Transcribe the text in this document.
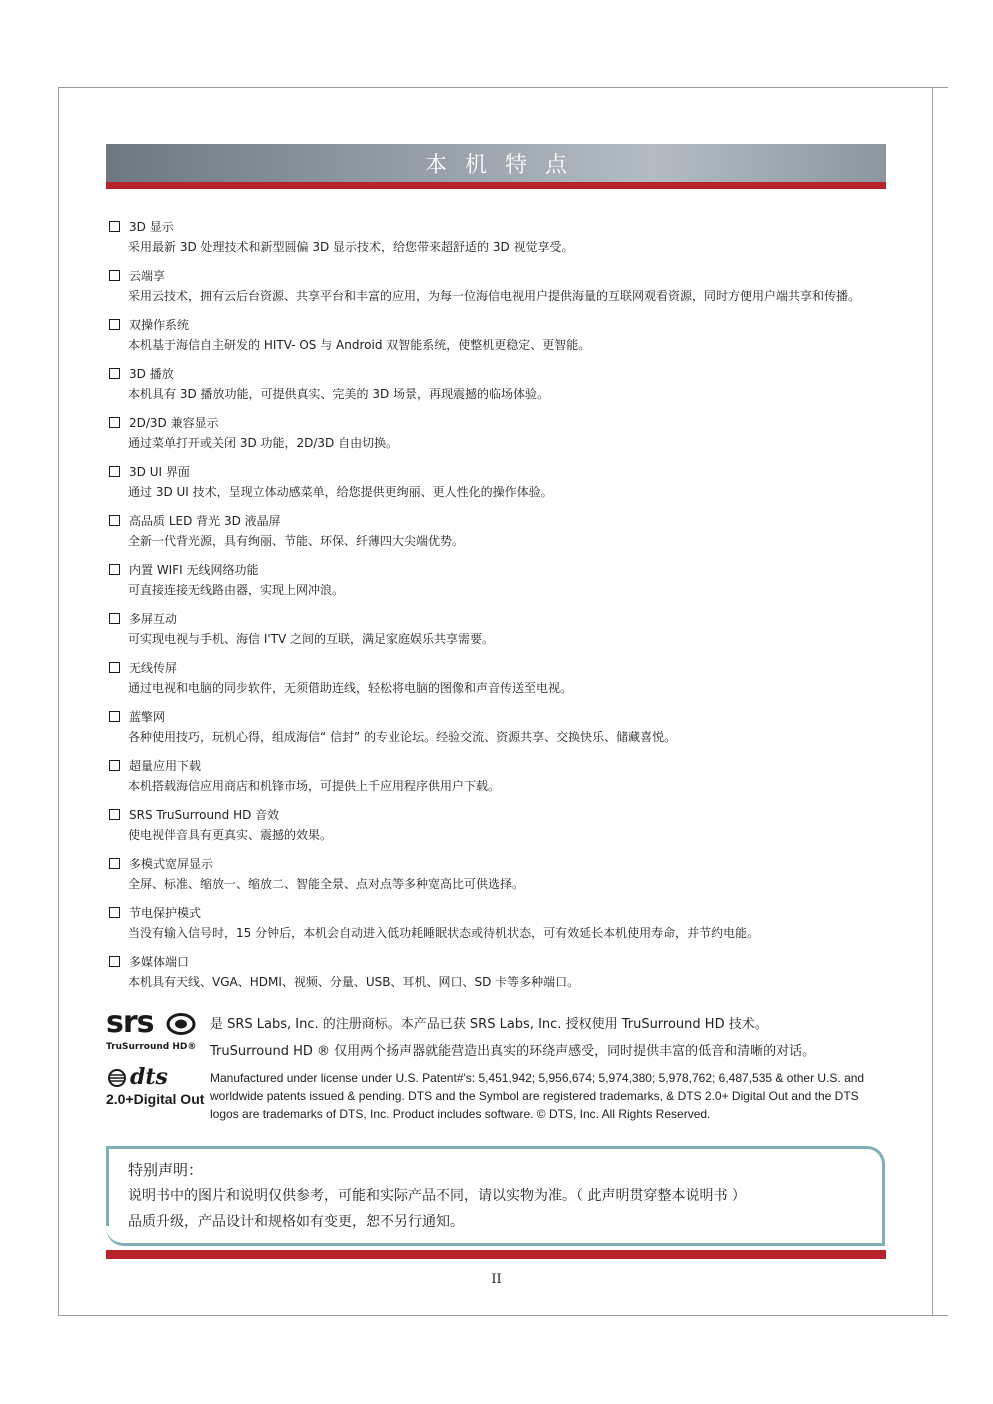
本机特点
3D 显示
采用最新 3D 处理技术和新型圆偏 3D 显示技术，给您带来超舒适的 3D 视觉享受。
云端享
采用云技术，拥有云后台资源、共享平台和丰富的应用，为每一位海信电视用户提供海量的互联网观看资源，同时方便用户端共享和传播。
双操作系统
本机基于海信自主研发的 HITV- OS 与 Android 双智能系统，使整机更稳定、更智能。
3D 播放
本机具有 3D 播放功能，可提供真实、完美的 3D 场景，再现震撼的临场体验。
2D/3D 兼容显示
通过菜单打开或关闭 3D 功能，2D/3D 自由切换。
3D UI 界面
通过 3D UI 技术，呈现立体动感菜单，给您提供更绚丽、更人性化的操作体验。
高品质 LED 背光 3D 液晶屏
全新一代背光源，具有绚丽、节能、环保、纤薄四大尖端优势。
内置 WIFI 无线网络功能
可直接连接无线路由器，实现上网冲浪。
多屏互动
可实现电视与手机、海信 I'TV 之间的互联，满足家庭娱乐共享需要。
无线传屏
通过电视和电脑的同步软件，无须借助连线，轻松将电脑的图像和声音传送至电视。
蓝擎网
各种使用技巧，玩机心得，组成海信“ 信封” 的专业论坛。经验交流、资源共享、交换快乐、储藏喜悦。
超量应用下载
本机搭载海信应用商店和机锋市场，可提供上千应用程序供用户下载。
SRS TruSurround HD 音效
使电视伴音具有更真实、震撼的效果。
多模式宽屏显示
全屏、标准、缩放一、缩放二、智能全景、点对点等多种宽高比可供选择。
节电保护模式
当没有输入信号时，15 分钟后，本机会自动进入低功耗睡眠状态或待机状态，可有效延长本机使用寿命，并节约电能。
多媒体端口
本机具有天线、VGA、HDMI、视频、分量、USB、耳机、网口、SD 卡等多种端口。
srs
TruSurround HD®
是 SRS Labs, Inc. 的注册商标。本产品已获 SRS Labs, Inc. 授权使用 TruSurround HD 技术。
TruSurround HD ® 仅用两个扬声器就能营造出真实的环绕声感受，同时提供丰富的低音和清晰的对话。
dts
2.0+Digital Out
Manufactured under license under U.S. Patent#'s: 5,451,942; 5,956,674; 5,974,380; 5,978,762; 6,487,535 & other U.S. and worldwide patents issued & pending. DTS and the Symbol are registered trademarks, & DTS 2.0+ Digital Out and the DTS logos are trademarks of DTS, Inc. Product includes software. © DTS, Inc. All Rights Reserved.
特别声明：
说明书中的图片和说明仅供参考，可能和实际产品不同，请以实物为准。（ 此声明贯穿整本说明书 ）
品质升级，产品设计和规格如有变更，恕不另行通知。
II
